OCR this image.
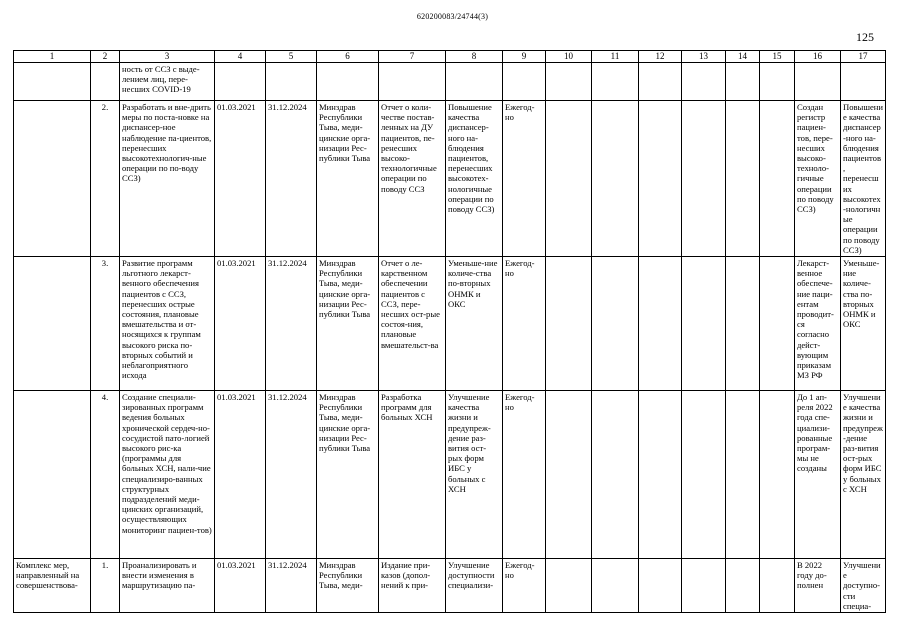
620200083/24744(3)
125
1	2	3	4	5	6	7	8	9	10	11	12	13	14	15	16	17
		ность от ССЗ с выде-лением лиц, пере-несших COVID-19														
	2.	Разработать и вне-дрить меры по поста-новке на диспансер-ное наблюдение па-циентов, перенесших высокотехнологич-ные операции по по-воду ССЗ)	01.03.2021	31.12.2024	Минздрав Республики Тыва, меди-цинские орга-низации Рес-публики Тыва	Отчет о коли-честве постав-ленных на ДУ пациентов, пе-ренесших высоко-технологичные операции по поводу ССЗ	Повышение качества диспансер-ного на-блюдения пациентов, перенесших высокотех-нологичные операции по поводу ССЗ)	Ежегод-но							Создан регистр пациен-тов, пере-несших высоко-техноло-гичные операции по поводу ССЗ)	Повышение качества диспансер-ного на-блюдения пациентов, перенесших высокотех-нологичные операции по поводу ССЗ)
	3.	Развитие программ льготного лекарст-венного обеспечения пациентов с ССЗ, перенесших острые состояния, плановые вмешательства и от-носящихся к группам высокого риска по-вторных событий и неблагоприятного исхода	01.03.2021	31.12.2024	Минздрав Республики Тыва, меди-цинские орга-низации Рес-публики Тыва	Отчет о ле-карственном обеспечении пациентов с ССЗ, пере-несших ост-рые состоя-ния, плановые вмешательст-ва	Уменьше-ние количе-ства по-вторных ОНМК и ОКС	Ежегод-но							Лекарст-венное обеспече-ние паци-ентам проводит-ся согласно дейст-вующим приказам МЗ РФ	Уменьше-ние количе-ства по-вторных ОНМК и ОКС
	4.	Создание специали-зированных программ ведения больных хронической сердеч-но-сосудистой пато-логией высокого рис-ка (программы для больных ХСН, нали-чие специализиро-ванных структурных подразделений меди-цинских организаций, осуществляющих мониторинг пациен-тов)	01.03.2021	31.12.2024	Минздрав Республики Тыва, меди-цинские орга-низации Рес-публики Тыва	Разработка программ для больных ХСН	Улучшение качества жизни и предупреж-дение раз-вития ост-рых форм ИБС у больных с ХСН	Ежегод-но							До 1 ап-реля 2022 года спе-циализи-рованные програм-мы не созданы	Улучшение качества жизни и предупреж-дение раз-вития ост-рых форм ИБС у больных с ХСН
Комплекс мер, направленный на совершенствова-	1.	Проанализировать и внести изменения в маршрутизацию па-	01.03.2021	31.12.2024	Минздрав Республики Тыва, меди-	Издание при-казов (допол-нений к при-	Улучшение доступности специализи-	Ежегод-но							В 2022 году до-полнен	Улучшение доступно-сти специа-
